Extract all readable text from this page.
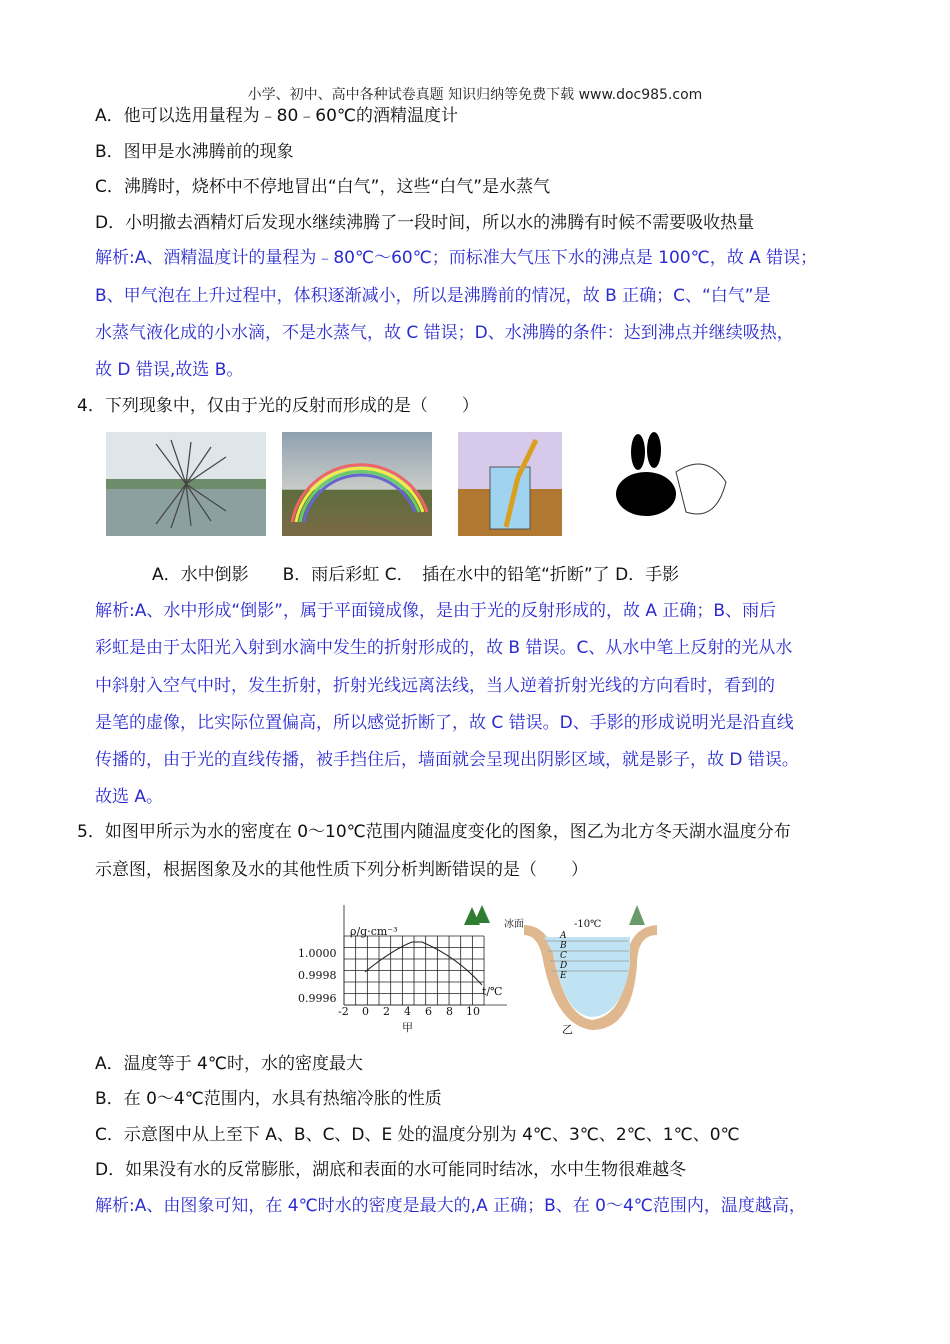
小学、初中、高中各种试卷真题 知识归纳等免费下载 www.doc985.com
A．他可以选用量程为﹣80﹣60℃的酒精温度计
B．图甲是水沸腾前的现象
C．沸腾时，烧杯中不停地冒出“白气”，这些“白气”是水蒸气
D．小明撤去酒精灯后发现水继续沸腾了一段时间，所以水的沸腾有时候不需要吸收热量
解析:A、酒精温度计的量程为﹣80℃～60℃；而标准大气压下水的沸点是 100℃，故 A 错误；
B、甲气泡在上升过程中，体积逐渐减小，所以是沸腾前的情况，故 B 正确；C、“白气”是
水蒸气液化成的小水滴，不是水蒸气，故 C 错误；D、水沸腾的条件：达到沸点并继续吸热，
故 D 错误,故选 B。
4．下列现象中，仅由于光的反射而形成的是（　　）
A．水中倒影　　B．雨后彩虹 C．　插在水中的铅笔“折断”了 D．手影
解析:A、水中形成“倒影”，属于平面镜成像，是由于光的反射形成的，故 A 正确；B、雨后
彩虹是由于太阳光入射到水滴中发生的折射形成的，故 B 错误。C、从水中笔上反射的光从水
中斜射入空气中时，发生折射，折射光线远离法线，当人逆着折射光线的方向看时，看到的
是笔的虚像，比实际位置偏高，所以感觉折断了，故 C 错误。D、手影的形成说明光是沿直线
传播的，由于光的直线传播，被手挡住后，墙面就会呈现出阴影区域，就是影子，故 D 错误。
故选 A。
5．如图甲所示为水的密度在 0～10℃范围内随温度变化的图象，图乙为北方冬天湖水温度分布
示意图，根据图象及水的其他性质下列分析判断错误的是（　　）
ρ/g·cm⁻³
1.0000
0.9998
0.9996
t/℃
-2 0 2 4 6 8 10
甲	乙
冰面	-10℃
A
B
C
D
E
A．温度等于 4℃时，水的密度最大
B．在 0～4℃范围内，水具有热缩冷胀的性质
C．示意图中从上至下 A、B、C、D、E 处的温度分别为 4℃、3℃、2℃、1℃、0℃
D．如果没有水的反常膨胀，湖底和表面的水可能同时结冰，水中生物很难越冬
解析:A、由图象可知，在 4℃时水的密度是最大的,A 正确；B、在 0～4℃范围内，温度越高，
